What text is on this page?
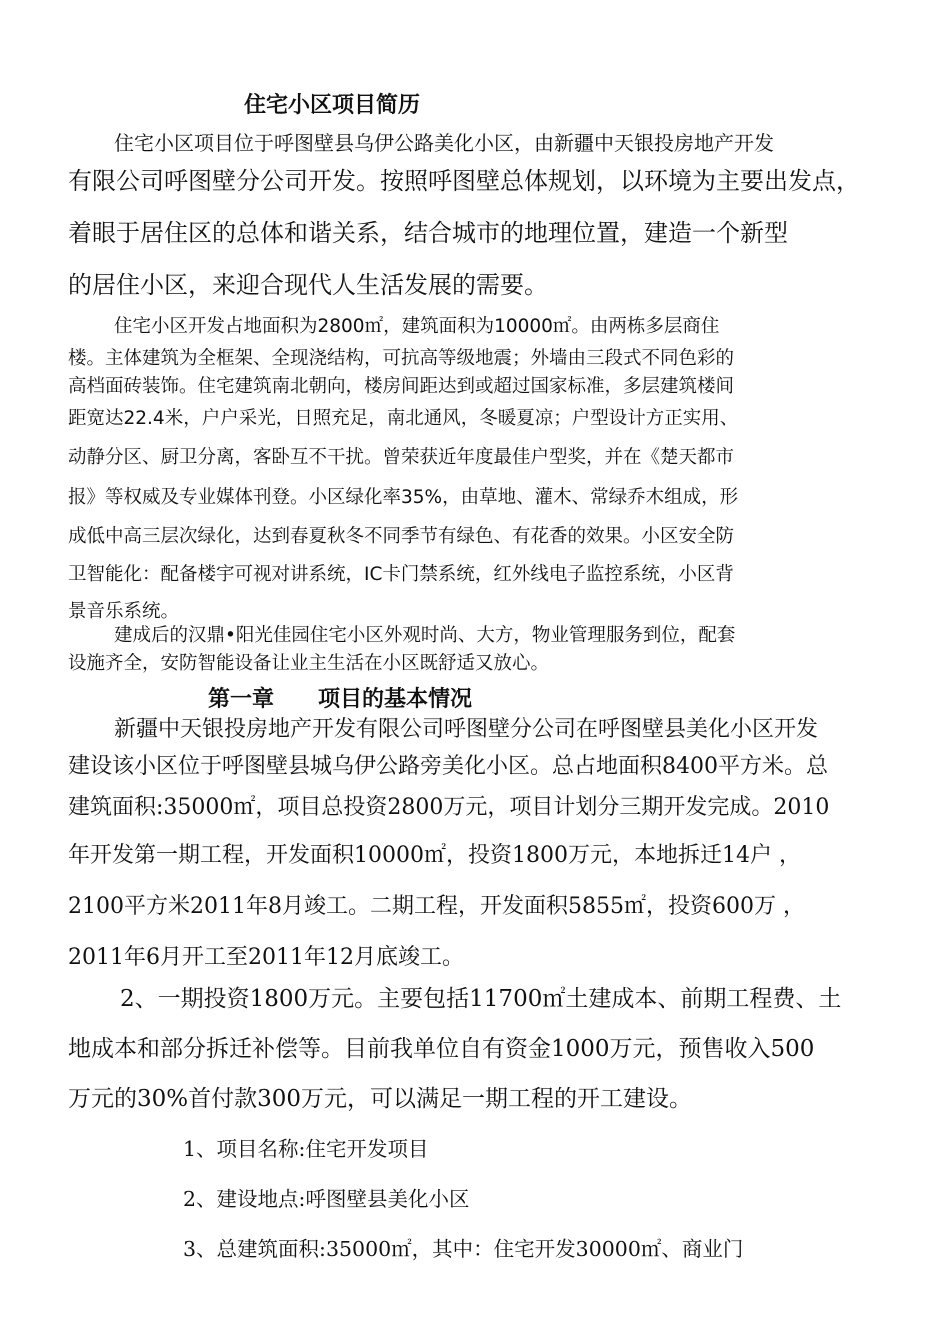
住宅小区项目简历
住宅小区项目位于呼图壁县乌伊公路美化小区，由新疆中天银投房地产开发
有限公司呼图壁分公司开发。按照呼图壁总体规划，以环境为主要出发点，
着眼于居住区的总体和谐关系，结合城市的地理位置，建造一个新型
的居住小区，来迎合现代人生活发展的需要。
住宅小区开发占地面积为2800㎡，建筑面积为10000㎡。由两栋多层商住
楼。主体建筑为全框架、全现浇结构，可抗高等级地震；外墙由三段式不同色彩的
高档面砖装饰。住宅建筑南北朝向，楼房间距达到或超过国家标准，多层建筑楼间
距宽达22.4米，户户采光，日照充足，南北通风，冬暖夏凉；户型设计方正实用、
动静分区、厨卫分离，客卧互不干扰。曾荣获近年度最佳户型奖，并在《楚天都市
报》等权威及专业媒体刊登。小区绿化率35%，由草地、灌木、常绿乔木组成，形
成低中高三层次绿化，达到春夏秋冬不同季节有绿色、有花香的效果。小区安全防
卫智能化：配备楼宇可视对讲系统，IC卡门禁系统，红外线电子监控系统，小区背
景音乐系统。
建成后的汉鼎•阳光佳园住宅小区外观时尚、大方，物业管理服务到位，配套
设施齐全，安防智能设备让业主生活在小区既舒适又放心。
第一章　　项目的基本情况
新疆中天银投房地产开发有限公司呼图壁分公司在呼图壁县美化小区开发
建设该小区位于呼图壁县城乌伊公路旁美化小区。总占地面积8400平方米。总
建筑面积:35000㎡，项目总投资2800万元，项目计划分三期开发完成。2010
年开发第一期工程，开发面积10000㎡，投资1800万元，本地拆迁14户 ，
2100平方米2011年8月竣工。二期工程，开发面积5855㎡，投资600万 ，
2011年6月开工至2011年12月底竣工。
2、一期投资1800万元。主要包括11700㎡土建成本、前期工程费、土
地成本和部分拆迁补偿等。目前我单位自有资金1000万元，预售收入500
万元的30%首付款300万元，可以满足一期工程的开工建设。
1、项目名称:住宅开发项目
2、建设地点:呼图壁县美化小区
3、总建筑面积:35000㎡，其中：住宅开发30000㎡、商业门
